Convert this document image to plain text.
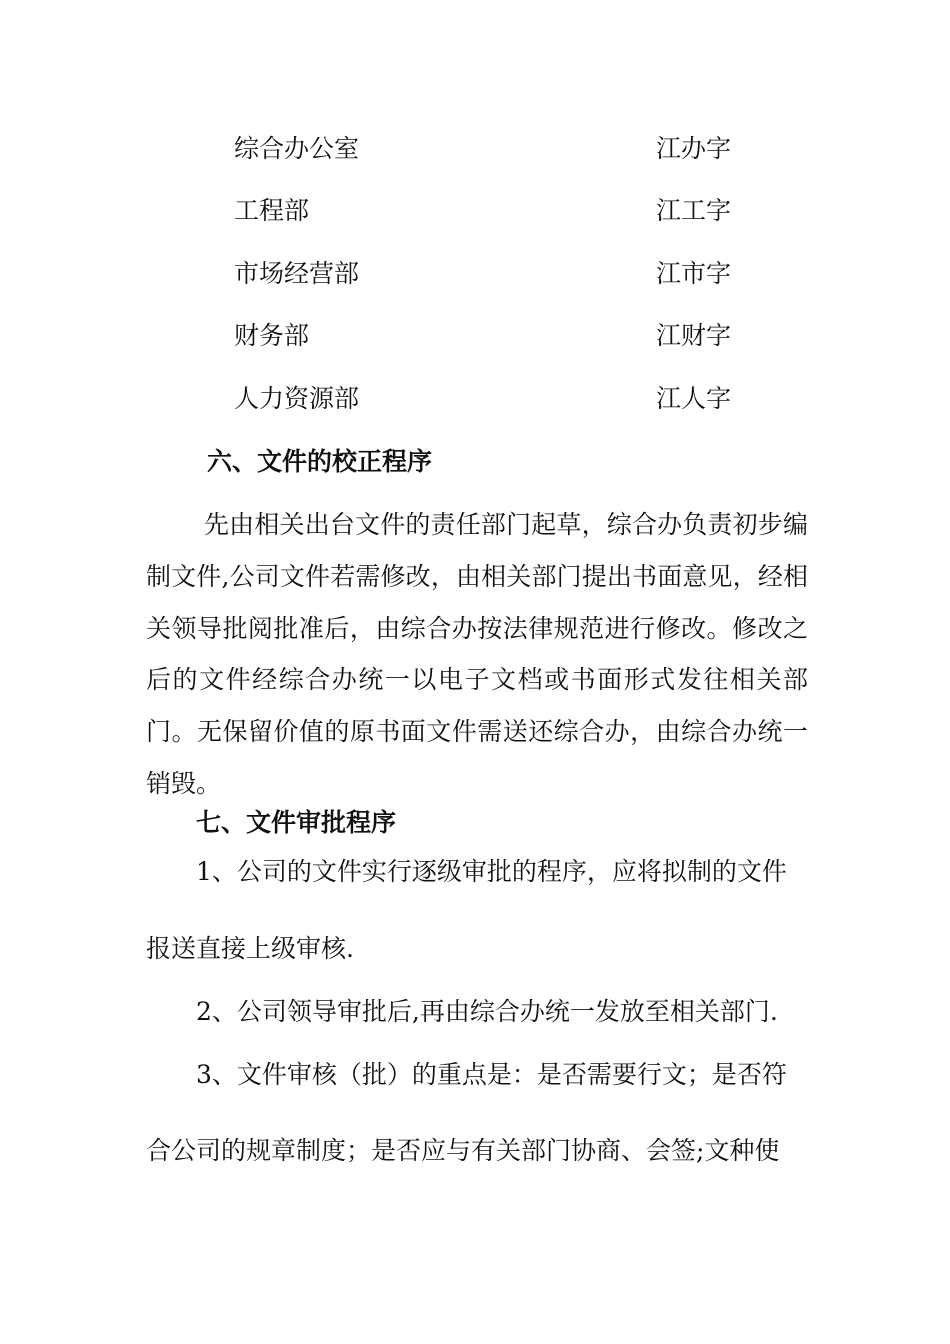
综合办公室	江办字
工程部	江工字
市场经营部	江市字
财务部	江财字
人力资源部	江人字
六、文件的校正程序
先由相关出台文件的责任部门起草，综合办负责初步编制文件,公司文件若需修改，由相关部门提出书面意见，经相关领导批阅批准后，由综合办按法律规范进行修改。修改之后的文件经综合办统一以电子文档或书面形式发往相关部门。无保留价值的原书面文件需送还综合办，由综合办统一销毁。
七、文件审批程序
1、公司的文件实行逐级审批的程序，应将拟制的文件
报送直接上级审核.
2、公司领导审批后,再由综合办统一发放至相关部门.
3、文件审核（批）的重点是：是否需要行文；是否符
合公司的规章制度；是否应与有关部门协商、会签;文种使
